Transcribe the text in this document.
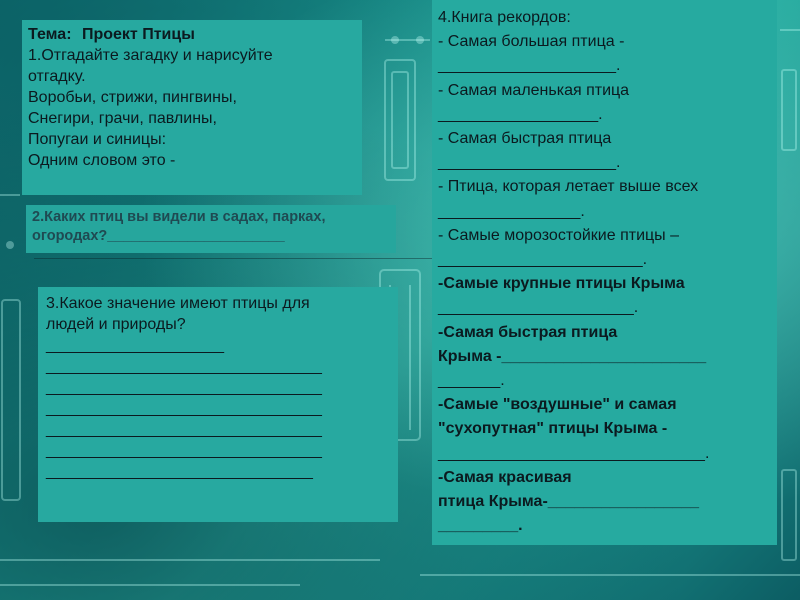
Тема: Проект Птицы
1.Отгадайте загадку и нарисуйте
отгадку.
Воробьи, стрижи, пингвины,
Снегири, грачи, павлины,
Попугаи и синицы:
Одним словом это -
2.Каких птиц вы видели в садах, парках,
огородах?______________________
3.Какое значение имеют птицы для
людей и природы?
____________________
_______________________________
_______________________________
_______________________________
_______________________________
_______________________________
______________________________
4.Книга рекордов:
- Самая большая птица -
____________________.
- Самая маленькая птица
__________________.
- Самая быстрая птица
____________________.
- Птица, которая летает выше всех
________________.
- Самые морозостойкие птицы –
_______________________.
-Самые крупные птицы Крыма
______________________.
-Самая быстрая птица
Крыма -_______________________
_______.
-Самые "воздушные" и самая
"сухопутная" птицы Крыма -
______________________________.
-Самая красивая
птица Крыма-_________________
_________.
